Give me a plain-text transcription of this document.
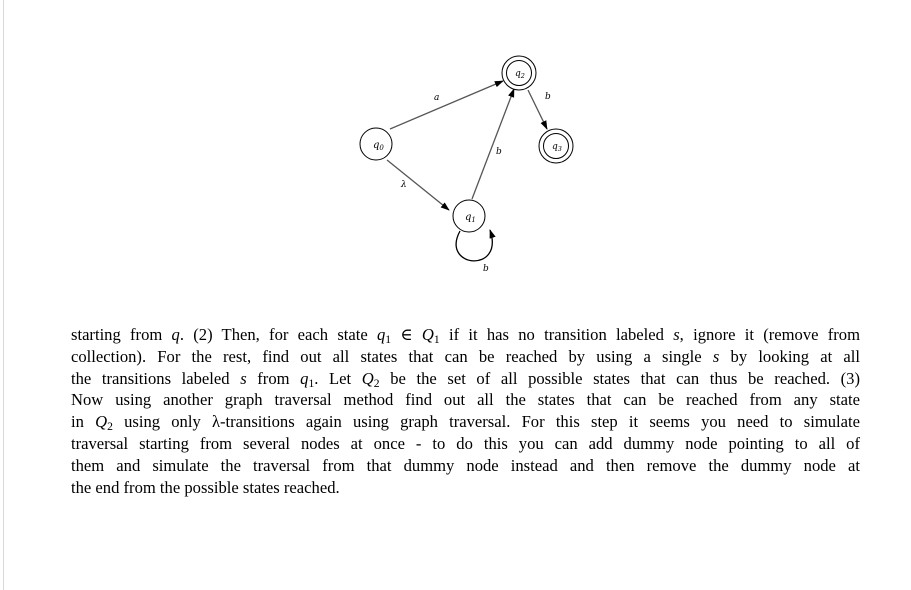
a
λ
b
b
b
$q_0$
$q_1$
$q_2$
$q_3$

starting from q. (2) Then, for each state $q_1$ ∈ $Q_1$ if it has no transition labeled s, ignore it (remove from
collection). For the rest, find out all states that can be reached by using a single s by looking at all
the transitions labeled s from $q_1$. Let $Q_2$ be the set of all possible states that can thus be reached. (3)
Now using another graph traversal method find out all the states that can be reached from any state
in $Q_2$ using only λ-transitions again using graph traversal. For this step it seems you need to simulate
traversal starting from several nodes at once - to do this you can add dummy node pointing to all of
them and simulate the traversal from that dummy node instead and then remove the dummy node at
the end from the possible states reached.
